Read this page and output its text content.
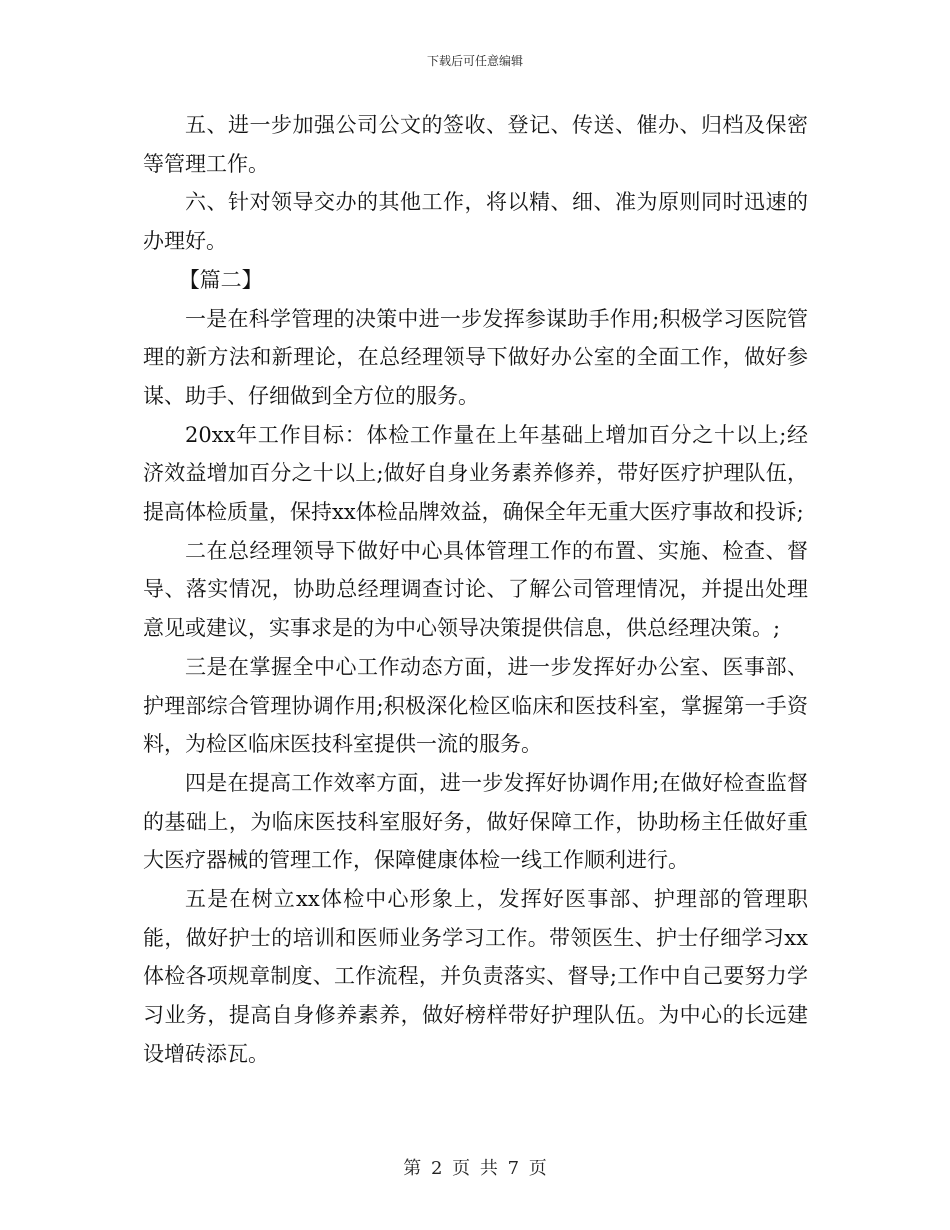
下载后可任意编辑

五、进一步加强公司公文的签收、登记、传送、催办、归档及保密等管理工作。

六、针对领导交办的其他工作，将以精、细、准为原则同时迅速的办理好。

【篇二】

一是在科学管理的决策中进一步发挥参谋助手作用;积极学习医院管理的新方法和新理论，在总经理领导下做好办公室的全面工作，做好参谋、助手、仔细做到全方位的服务。

20xx年工作目标：体检工作量在上年基础上增加百分之十以上;经济效益增加百分之十以上;做好自身业务素养修养，带好医疗护理队伍，提高体检质量，保持xx体检品牌效益，确保全年无重大医疗事故和投诉;

二在总经理领导下做好中心具体管理工作的布置、实施、检查、督导、落实情况，协助总经理调查讨论、了解公司管理情况，并提出处理意见或建议，实事求是的为中心领导决策提供信息，供总经理决策。;

三是在掌握全中心工作动态方面，进一步发挥好办公室、医事部、护理部综合管理协调作用;积极深化检区临床和医技科室，掌握第一手资料，为检区临床医技科室提供一流的服务。

四是在提高工作效率方面，进一步发挥好协调作用;在做好检查监督的基础上，为临床医技科室服好务，做好保障工作，协助杨主任做好重大医疗器械的管理工作，保障健康体检一线工作顺利进行。

五是在树立xx体检中心形象上，发挥好医事部、护理部的管理职能，做好护士的培训和医师业务学习工作。带领医生、护士仔细学习xx体检各项规章制度、工作流程，并负责落实、督导;工作中自己要努力学习业务，提高自身修养素养，做好榜样带好护理队伍。为中心的长远建设增砖添瓦。

第 2 页 共 7 页
